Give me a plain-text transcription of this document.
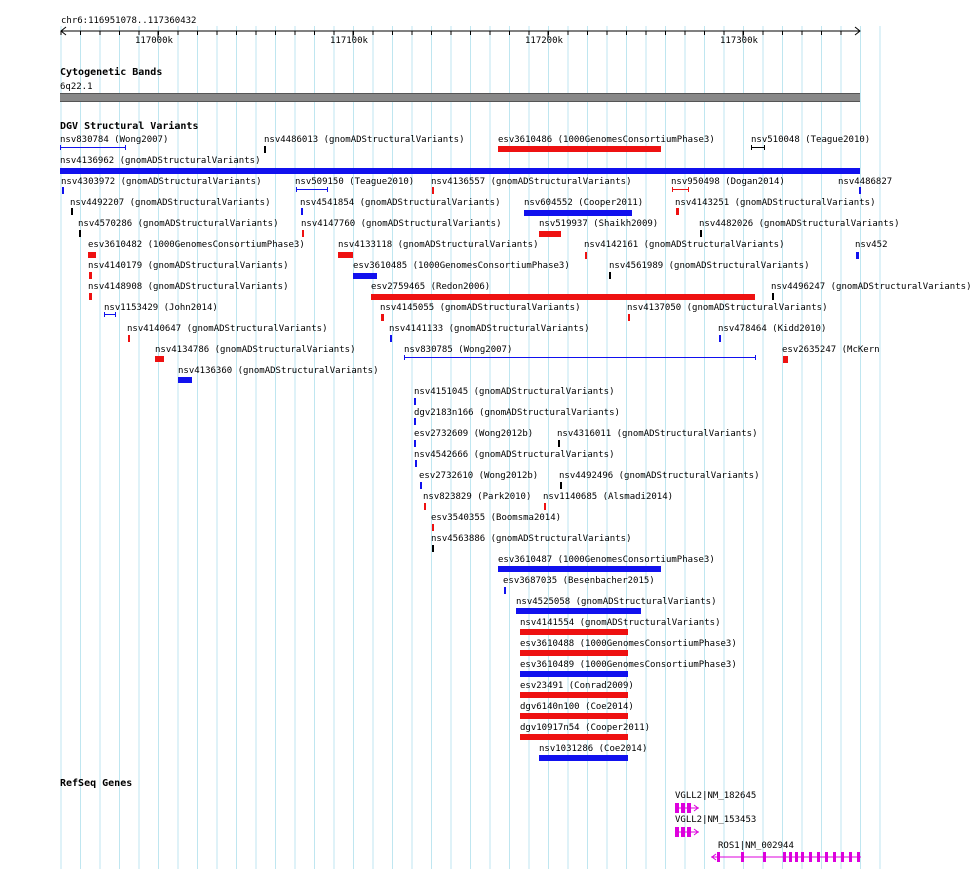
chr6:116951078..117360432
117000k	117100k	117200k	117300k
Cytogenetic Bands
6q22.1
DGV Structural Variants
nsv830784 (Wong2007)	nsv4486013 (gnomADStructuralVariants)	esv3610486 (1000GenomesConsortiumPhase3)	nsv510048 (Teague2010)
nsv4136962 (gnomADStructuralVariants)
nsv4303972 (gnomADStructuralVariants)	nsv509150 (Teague2010) nsv4136557 (gnomADStructuralVariants)	nsv950498 (Dogan2014)	nsv4486827
nsv4492207 (gnomADStructuralVariants)	nsv4541854 (gnomADStructuralVariants)	nsv604552 (Cooper2011)	nsv4143251 (gnomADStructuralVariants)
nsv4570286 (gnomADStructuralVariants)	nsv4147760 (gnomADStructuralVariants)	nsv519937 (Shaikh2009)	nsv4482026 (gnomADStructuralVariants)
esv3610482 (1000GenomesConsortiumPhase3)	nsv4133118 (gnomADStructuralVariants)	nsv4142161 (gnomADStructuralVariants)	nsv452
nsv4140179 (gnomADStructuralVariants)	esv3610485 (1000GenomesConsortiumPhase3)	nsv4561989 (gnomADStructuralVariants)
nsv4148908 (gnomADStructuralVariants)	esv2759465 (Redon2006)	nsv4496247 (gnomADStructuralVariants)
nsv1153429 (John2014)	nsv4145055 (gnomADStructuralVariants)	nsv4137050 (gnomADStructuralVariants)
nsv4140647 (gnomADStructuralVariants)	nsv4141133 (gnomADStructuralVariants)	nsv478464 (Kidd2010)
nsv4134786 (gnomADStructuralVariants)	nsv830785 (Wong2007)	esv2635247 (McKern
nsv4136360 (gnomADStructuralVariants)
nsv4151045 (gnomADStructuralVariants)
dgv2183n166 (gnomADStructuralVariants)
esv2732609 (Wong2012b)	nsv4316011 (gnomADStructuralVariants)
nsv4542666 (gnomADStructuralVariants)
esv2732610 (Wong2012b) nsv4492496 (gnomADStructuralVariants)
nsv823829 (Park2010) nsv1140685 (Alsmadi2014)
esv3540355 (Boomsma2014)
nsv4563886 (gnomADStructuralVariants)
esv3610487 (1000GenomesConsortiumPhase3)
esv3687035 (Besenbacher2015)
nsv4525058 (gnomADStructuralVariants)
nsv4141554 (gnomADStructuralVariants)
esv3610488 (1000GenomesConsortiumPhase3)
esv3610489 (1000GenomesConsortiumPhase3)
esv23491 (Conrad2009)
dgv6140n100 (Coe2014)
dgv10917n54 (Cooper2011)
nsv1031286 (Coe2014)
RefSeq Genes
VGLL2|NM_182645
VGLL2|NM_153453
ROS1|NM_002944
